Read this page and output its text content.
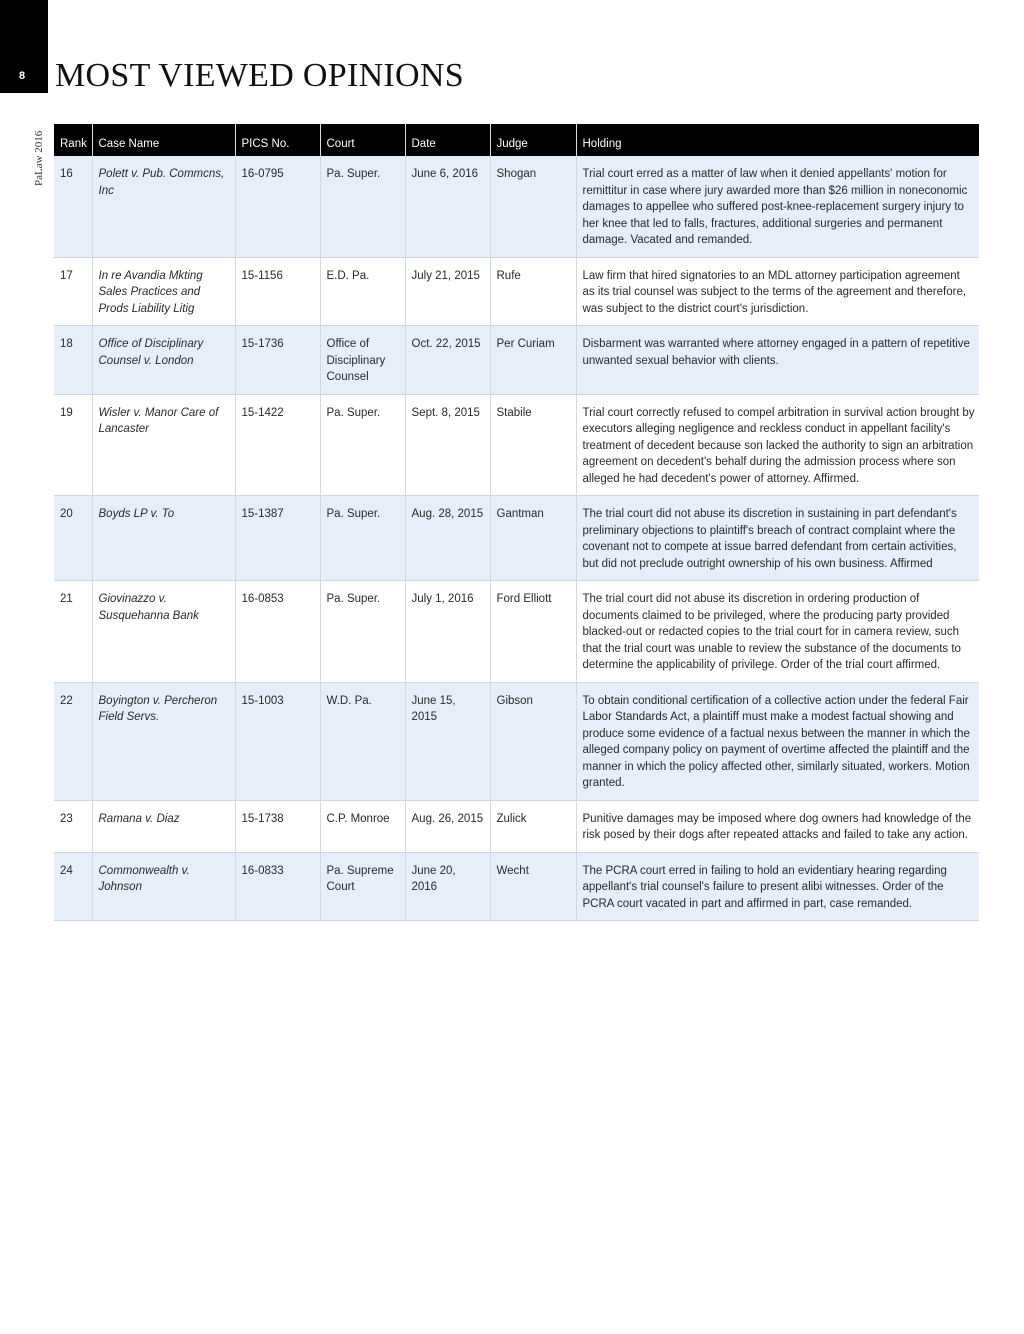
8 MOST VIEWED OPINIONS
PaLaw 2016 Rank	Case Name	PICS No.	Court	Date	Judge	Holding
16	Polett v. Pub. Commcns, Inc	16-0795	Pa. Super.	June 6, 2016	Shogan	Trial court erred as a matter of law when it denied appellants' motion for remittitur in case where jury awarded more than $26 million in noneconomic damages to appellee who suffered post-knee-replacement surgery injury to her knee that led to falls, fractures, additional surgeries and permanent damage. Vacated and remanded.
17	In re Avandia Mkting Sales Practices and Prods Liability Litig	15-1156	E.D. Pa.	July 21, 2015	Rufe	Law firm that hired signatories to an MDL attorney participation agreement as its trial counsel was subject to the terms of the agreement and therefore, was subject to the district court's jurisdiction.
18	Office of Disciplinary Counsel v. London	15-1736	Office of Disciplinary Counsel	Oct. 22, 2015	Per Curiam	Disbarment was warranted where attorney engaged in a pattern of repetitive unwanted sexual behavior with clients.
19	Wisler v. Manor Care of Lancaster	15-1422	Pa. Super.	Sept. 8, 2015	Stabile	Trial court correctly refused to compel arbitration in survival action brought by executors alleging negligence and reckless conduct in appellant facility's treatment of decedent because son lacked the authority to sign an arbitration agreement on decedent's behalf during the admission process where son alleged he had decedent's power of attorney. Affirmed.
20	Boyds LP v. To	15-1387	Pa. Super.	Aug. 28, 2015	Gantman	The trial court did not abuse its discretion in sustaining in part defendant's preliminary objections to plaintiff's breach of contract complaint where the covenant not to compete at issue barred defendant from certain activities, but did not preclude outright ownership of his own business. Affirmed
21	Giovinazzo v. Susquehanna Bank	16-0853	Pa. Super.	July 1, 2016	Ford Elliott	The trial court did not abuse its discretion in ordering production of documents claimed to be privileged, where the producing party provided blacked-out or redacted copies to the trial court for in camera review, such that the trial court was unable to review the substance of the documents to determine the applicability of privilege. Order of the trial court affirmed.
22	Boyington v. Percheron Field Servs.	15-1003	W.D. Pa.	June 15, 2015	Gibson	To obtain conditional certification of a collective action under the federal Fair Labor Standards Act, a plaintiff must make a modest factual showing and produce some evidence of a factual nexus between the manner in which the alleged company policy on payment of overtime affected the plaintiff and the manner in which the policy affected other, similarly situated, workers. Motion granted.
23	Ramana v. Diaz	15-1738	C.P. Monroe	Aug. 26, 2015	Zulick	Punitive damages may be imposed where dog owners had knowledge of the risk posed by their dogs after repeated attacks and failed to take any action.
24	Commonwealth v. Johnson	16-0833	Pa. Supreme Court	June 20, 2016	Wecht	The PCRA court erred in failing to hold an evidentiary hearing regarding appellant's trial counsel's failure to present alibi witnesses. Order of the PCRA court vacated in part and affirmed in part, case remanded.
